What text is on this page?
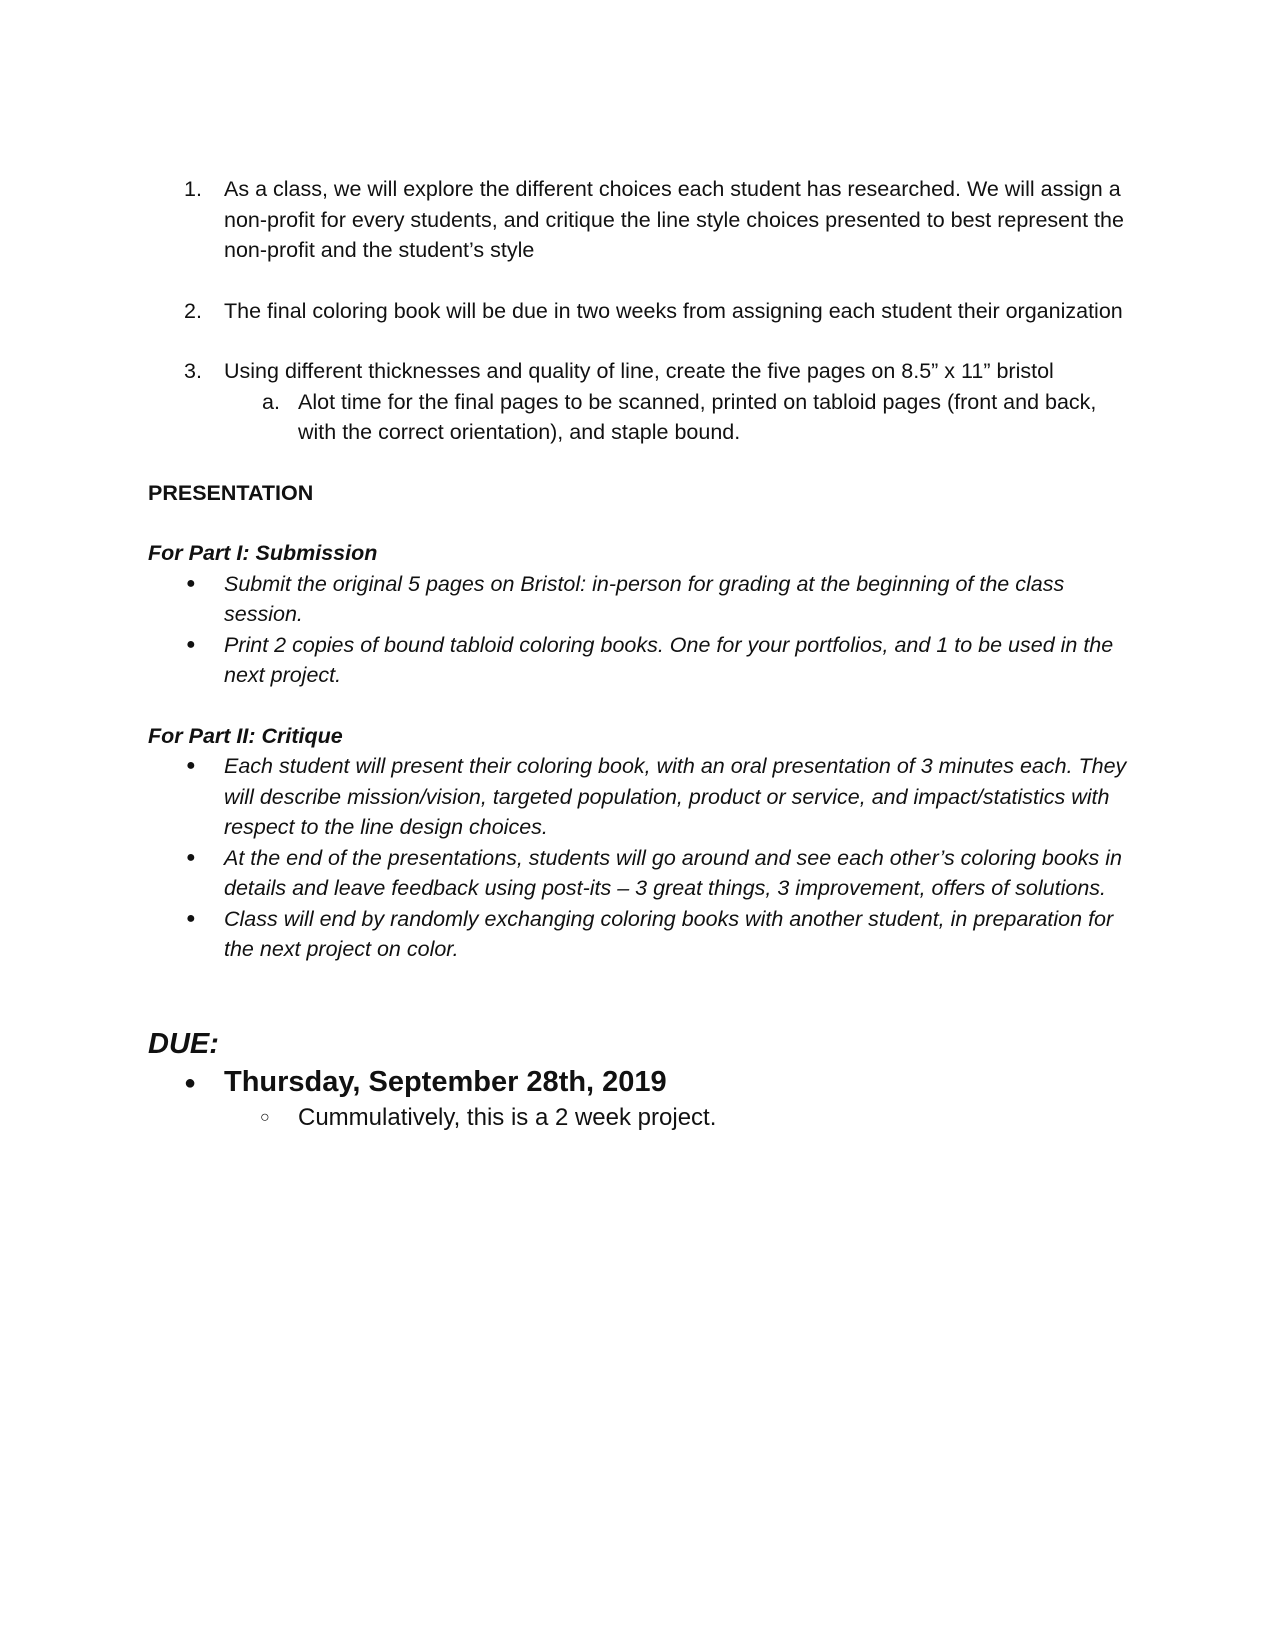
1. As a class, we will explore the different choices each student has researched. We will assign a non-profit for every students, and critique the line style choices presented to best represent the non-profit and the student’s style
2. The final coloring book will be due in two weeks from assigning each student their organization
3. Using different thicknesses and quality of line, create the five pages on 8.5” x 11” bristol
a. Alot time for the final pages to be scanned, printed on tabloid pages (front and back, with the correct orientation), and staple bound.

PRESENTATION

For Part I: Submission

● Submit the original 5 pages on Bristol: in-person for grading at the beginning of the class session.
● Print 2 copies of bound tabloid coloring books. One for your portfolios, and 1 to be used in the next project.

For Part II: Critique

● Each student will present their coloring book, with an oral presentation of 3 minutes each. They will describe mission/vision, targeted population, product or service, and impact/statistics with respect to the line design choices.
● At the end of the presentations, students will go around and see each other’s coloring books in details and leave feedback using post-its – 3 great things, 3 improvement, offers of solutions.
● Class will end by randomly exchanging coloring books with another student, in preparation for the next project on color.

DUE:

● Thursday, September 28th, 2019
○ Cummulatively, this is a 2 week project.
